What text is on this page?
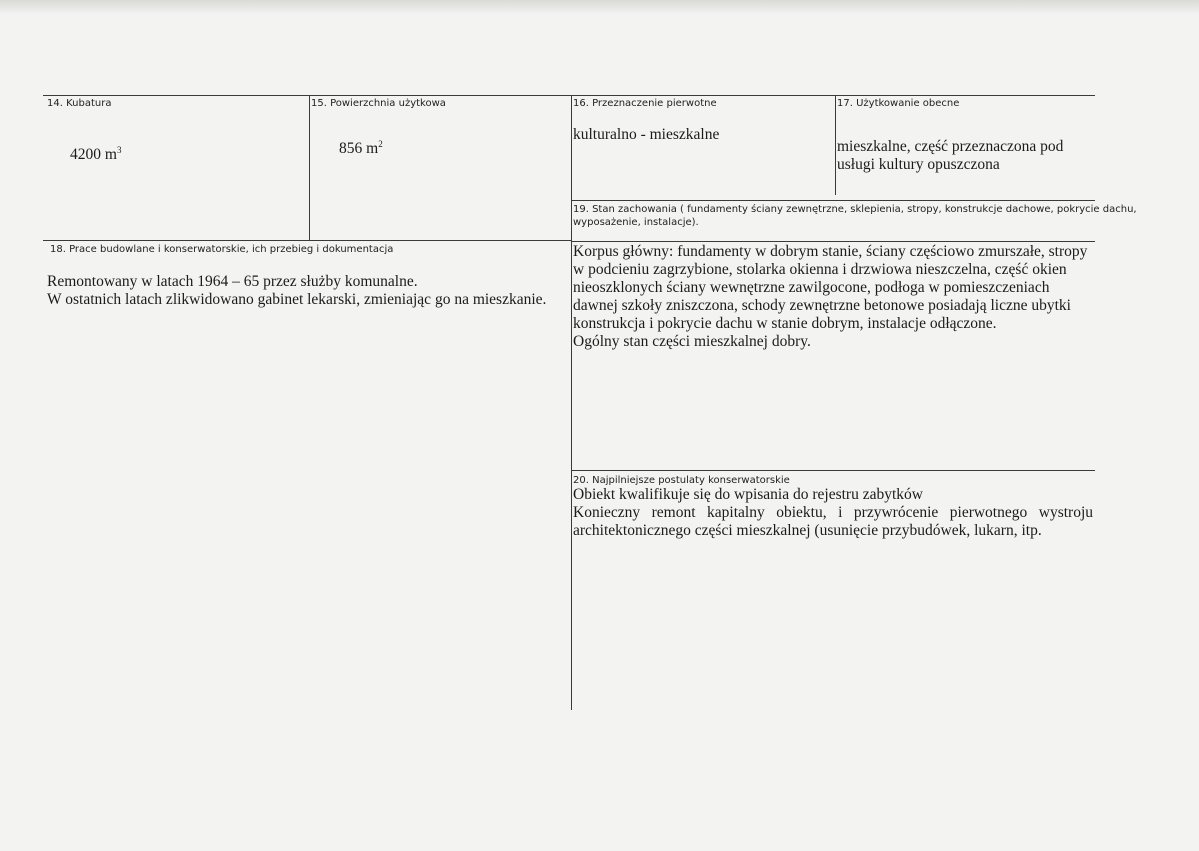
14. Kubatura
4200 $m^3$
15. Powierzchnia użytkowa
856 $m^2$
16. Przeznaczenie pierwotne
kulturalno - mieszkalne
17. Użytkowanie obecne
mieszkalne, część przeznaczona pod
usługi kultury opuszczona
19. Stan zachowania ( fundamenty ściany zewnętrzne, sklepienia, stropy, konstrukcje dachowe, pokrycie dachu,
wyposażenie, instalacje).
Korpus główny: fundamenty w dobrym stanie, ściany częściowo zmurszałe, stropy
w podcieniu zagrzybione, stolarka okienna i drzwiowa nieszczelna, część okien
nieoszklonych ściany wewnętrzne zawilgocone, podłoga w pomieszczeniach
dawnej szkoły zniszczona, schody zewnętrzne betonowe posiadają liczne ubytki
konstrukcja i pokrycie dachu w stanie dobrym, instalacje odłączone.
Ogólny stan części mieszkalnej dobry.
18. Prace budowlane i konserwatorskie, ich przebieg i dokumentacja
Remontowany w latach 1964 – 65 przez służby komunalne.
W ostatnich latach zlikwidowano gabinet lekarski, zmieniając go na mieszkanie.
20. Najpilniejsze postulaty konserwatorskie
Obiekt kwalifikuje się do wpisania do rejestru zabytków
Konieczny remont kapitalny obiektu, i przywrócenie pierwotnego wystroju
architektonicznego części mieszkalnej (usunięcie przybudówek, lukarn, itp.
